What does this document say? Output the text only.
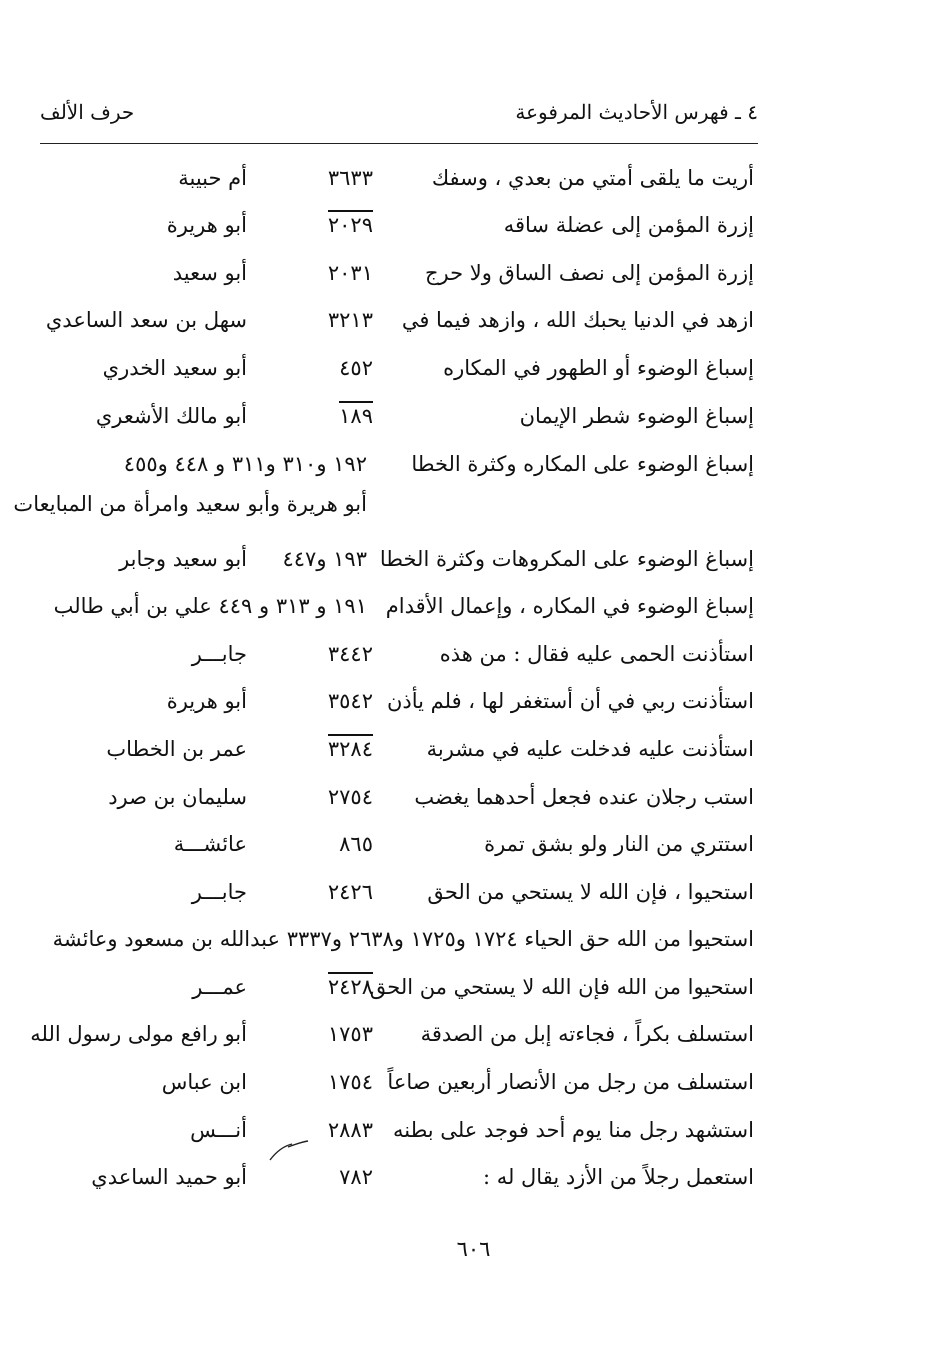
٤ ـ فهرس الأحاديث المرفوعة
حرف الألف
أريت ما يلقى أمتي من بعدي ، وسفك
٣٦٣٣
أم حبيبة
إزرة المؤمن إلى عضلة ساقه
٢٠٢٩
أبو هريرة
إزرة المؤمن إلى نصف الساق ولا حرج
٢٠٣١
أبو سعيد
ازهد في الدنيا يحبك الله ، وازهد فيما في
٣٢١٣
سهل بن سعد الساعدي
إسباغ الوضوء أو الطهور في المكاره
٤٥٢
أبو سعيد الخدري
إسباغ الوضوء شطر الإيمان
١٨٩
أبو مالك الأشعري
إسباغ الوضوء على المكاره وكثرة الخطا
١٩٢ و٣١٠ و٣١١ و ٤٤٨ و٤٥٥
أبو هريرة وأبو سعيد وامرأة من المبايعات
إسباغ الوضوء على المكروهات وكثرة الخطا
١٩٣ و٤٤٧
أبو سعيد وجابر
إسباغ الوضوء في المكاره ، وإعمال الأقدام
١٩١ و ٣١٣ و ٤٤٩ علي بن أبي طالب
استأذنت الحمى عليه فقال : من هذه
٣٤٤٢
جابـــر
استأذنت ربي في أن أستغفر لها ، فلم يأذن
٣٥٤٢
أبو هريرة
استأذنت عليه فدخلت عليه في مشربة
٣٢٨٤
عمر بن الخطاب
استب رجلان عنده فجعل أحدهما يغضب
٢٧٥٤
سليمان بن صرد
استتري من النار ولو بشق تمرة
٨٦٥
عائشـــة
استحيوا ، فإن الله لا يستحي من الحق
٢٤٢٦
جابـــر
استحيوا من الله حق الحياء ١٧٢٤ و١٧٢٥ و٢٦٣٨ و٣٣٣٧ عبدالله بن مسعود وعائشة
استحيوا من الله فإن الله لا يستحي من الحق
٢٤٢٨
عمـــر
استسلف بكراً ، فجاءته إبل من الصدقة
١٧٥٣
أبو رافع مولى رسول الله
استسلف من رجل من الأنصار أربعين صاعاً
١٧٥٤
ابن عباس
استشهد رجل منا يوم أحد فوجد على بطنه
٢٨٨٣
أنـــس
استعمل رجلاً من الأزد يقال له :
٧٨٢
أبو حميد الساعدي
٦٠٦
